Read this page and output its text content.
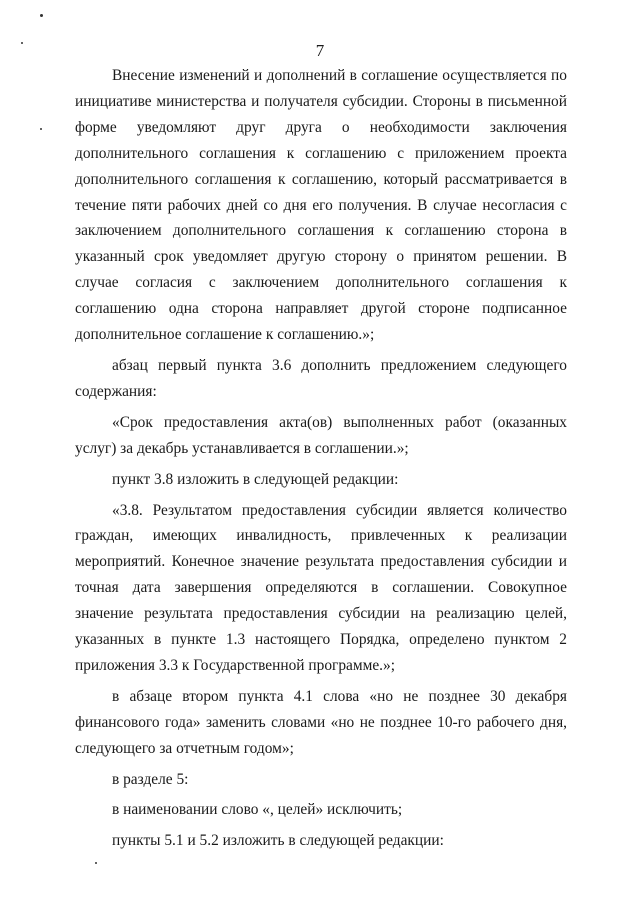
7

Внесение изменений и дополнений в соглашение осуществляется по инициативе министерства и получателя субсидии. Стороны в письменной форме уведомляют друг друга о необходимости заключения дополнительного соглашения к соглашению с приложением проекта дополнительного соглашения к соглашению, который рассматривается в течение пяти рабочих дней со дня его получения. В случае несогласия с заключением дополнительного соглашения к соглашению сторона в указанный срок уведомляет другую сторону о принятом решении. В случае согласия с заключением дополнительного соглашения к соглашению одна сторона направляет другой стороне подписанное дополнительное соглашение к соглашению.»;

абзац первый пункта 3.6 дополнить предложением следующего содержания:

«Срок предоставления акта(ов) выполненных работ (оказанных услуг) за декабрь устанавливается в соглашении.»;

пункт 3.8 изложить в следующей редакции:

«3.8. Результатом предоставления субсидии является количество граждан, имеющих инвалидность, привлеченных к реализации мероприятий. Конечное значение результата предоставления субсидии и точная дата завершения определяются в соглашении. Совокупное значение результата предоставления субсидии на реализацию целей, указанных в пункте 1.3 настоящего Порядка, определено пунктом 2 приложения 3.3 к Государственной программе.»;

в абзаце втором пункта 4.1 слова «но не позднее 30 декабря финансового года» заменить словами «но не позднее 10-го рабочего дня, следующего за отчетным годом»;

в разделе 5:

в наименовании слово «, целей» исключить;

пункты 5.1 и 5.2 изложить в следующей редакции:
